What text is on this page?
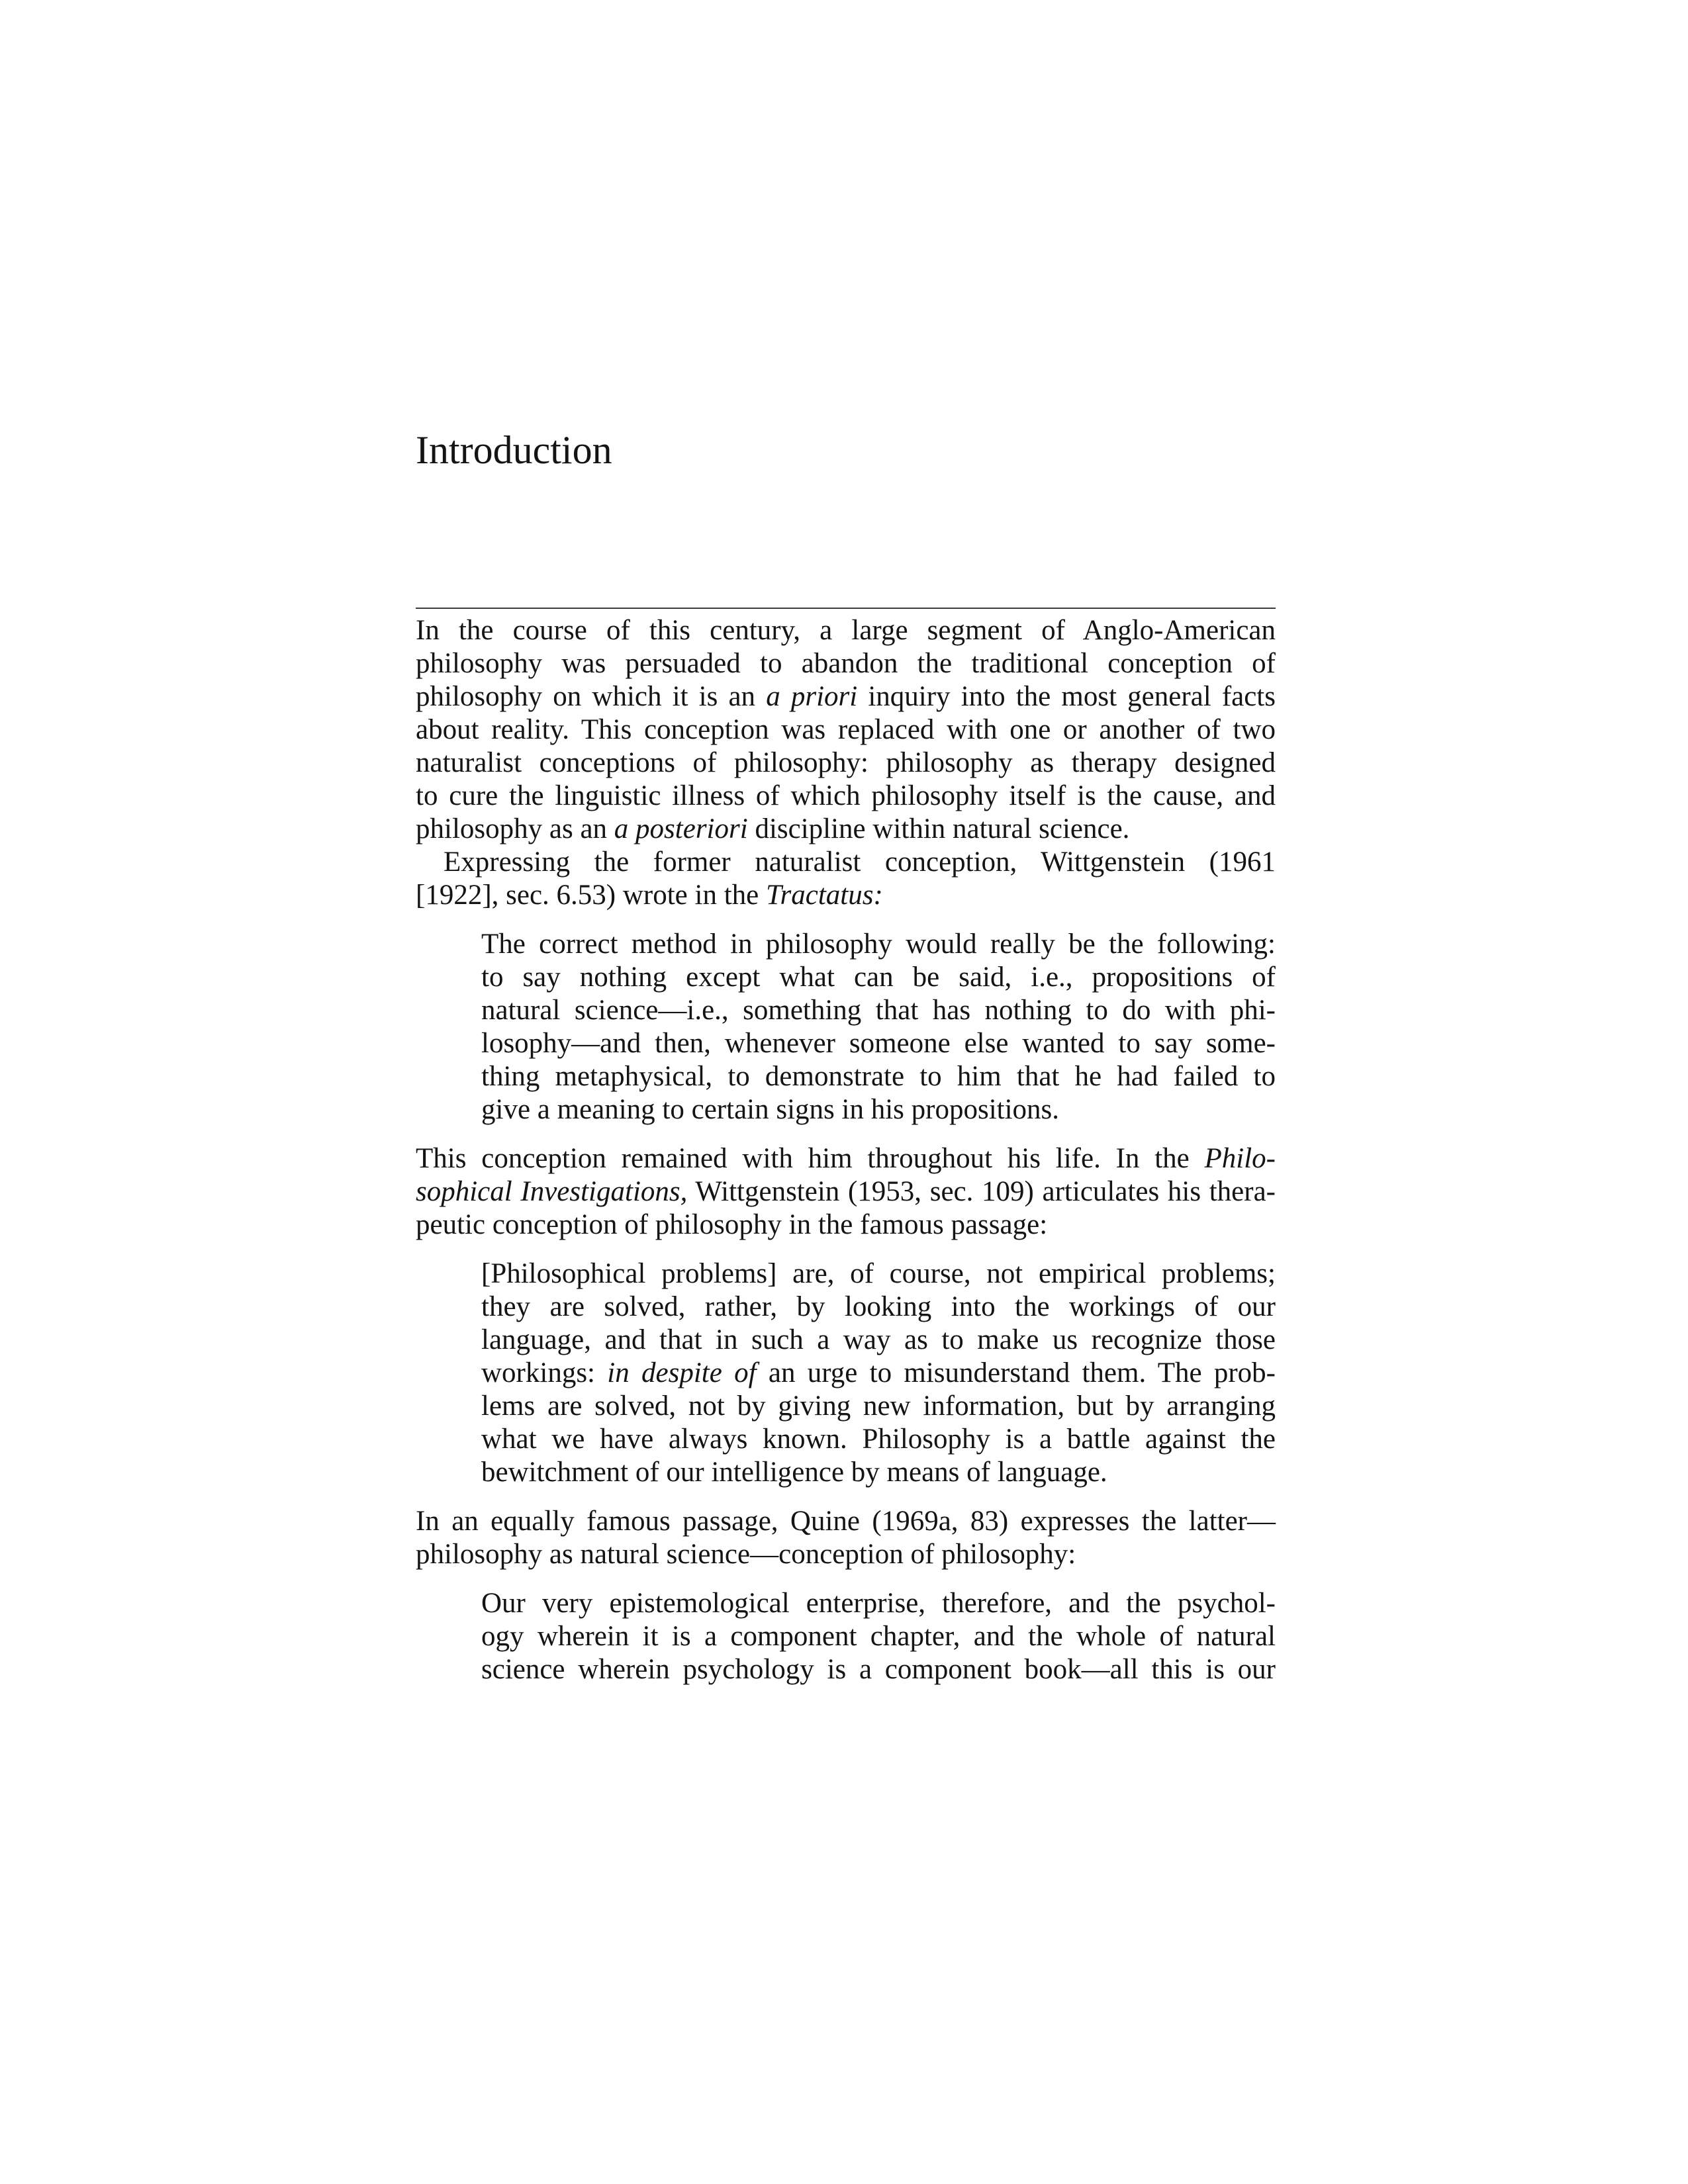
Introduction
In the course of this century, a large segment of Anglo-American
philosophy was persuaded to abandon the traditional conception of
philosophy on which it is an a priori inquiry into the most general facts
about reality. This conception was replaced with one or another of two
naturalist conceptions of philosophy: philosophy as therapy designed
to cure the linguistic illness of which philosophy itself is the cause, and
philosophy as an a posteriori discipline within natural science.
Expressing the former naturalist conception, Wittgenstein (1961
[1922], sec. 6.53) wrote in the Tractatus:
The correct method in philosophy would really be the following:
to say nothing except what can be said, i.e., propositions of
natural science—i.e., something that has nothing to do with phi-
losophy—and then, whenever someone else wanted to say some-
thing metaphysical, to demonstrate to him that he had failed to
give a meaning to certain signs in his propositions.
This conception remained with him throughout his life. In the Philo-
sophical Investigations, Wittgenstein (1953, sec. 109) articulates his thera-
peutic conception of philosophy in the famous passage:
[Philosophical problems] are, of course, not empirical problems;
they are solved, rather, by looking into the workings of our
language, and that in such a way as to make us recognize those
workings: in despite of an urge to misunderstand them. The prob-
lems are solved, not by giving new information, but by arranging
what we have always known. Philosophy is a battle against the
bewitchment of our intelligence by means of language.
In an equally famous passage, Quine (1969a, 83) expresses the latter—
philosophy as natural science—conception of philosophy:
Our very epistemological enterprise, therefore, and the psychol-
ogy wherein it is a component chapter, and the whole of natural
science wherein psychology is a component book—all this is our
